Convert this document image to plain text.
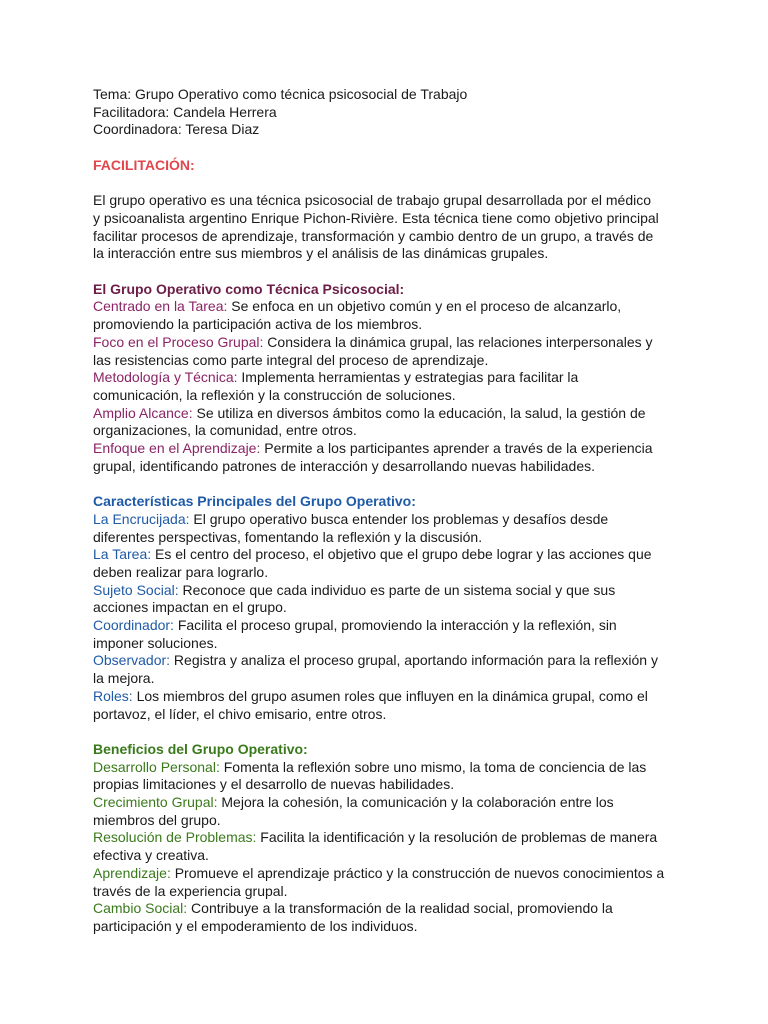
Tema: Grupo Operativo como técnica psicosocial de Trabajo
Facilitadora: Candela Herrera
Coordinadora: Teresa Diaz
FACILITACIÓN:
El grupo operativo es una técnica psicosocial de trabajo grupal desarrollada por el médico
y psicoanalista argentino Enrique Pichon-Rivière. Esta técnica tiene como objetivo principal
facilitar procesos de aprendizaje, transformación y cambio dentro de un grupo, a través de
la interacción entre sus miembros y el análisis de las dinámicas grupales.
El Grupo Operativo como Técnica Psicosocial:
Centrado en la Tarea: Se enfoca en un objetivo común y en el proceso de alcanzarlo,
promoviendo la participación activa de los miembros.
Foco en el Proceso Grupal: Considera la dinámica grupal, las relaciones interpersonales y
las resistencias como parte integral del proceso de aprendizaje.
Metodología y Técnica: Implementa herramientas y estrategias para facilitar la
comunicación, la reflexión y la construcción de soluciones.
Amplio Alcance: Se utiliza en diversos ámbitos como la educación, la salud, la gestión de
organizaciones, la comunidad, entre otros.
Enfoque en el Aprendizaje: Permite a los participantes aprender a través de la experiencia
grupal, identificando patrones de interacción y desarrollando nuevas habilidades.
Características Principales del Grupo Operativo:
La Encrucijada: El grupo operativo busca entender los problemas y desafíos desde
diferentes perspectivas, fomentando la reflexión y la discusión.
La Tarea: Es el centro del proceso, el objetivo que el grupo debe lograr y las acciones que
deben realizar para lograrlo.
Sujeto Social: Reconoce que cada individuo es parte de un sistema social y que sus
acciones impactan en el grupo.
Coordinador: Facilita el proceso grupal, promoviendo la interacción y la reflexión, sin
imponer soluciones.
Observador: Registra y analiza el proceso grupal, aportando información para la reflexión y
la mejora.
Roles: Los miembros del grupo asumen roles que influyen en la dinámica grupal, como el
portavoz, el líder, el chivo emisario, entre otros.
Beneficios del Grupo Operativo:
Desarrollo Personal: Fomenta la reflexión sobre uno mismo, la toma de conciencia de las
propias limitaciones y el desarrollo de nuevas habilidades.
Crecimiento Grupal: Mejora la cohesión, la comunicación y la colaboración entre los
miembros del grupo.
Resolución de Problemas: Facilita la identificación y la resolución de problemas de manera
efectiva y creativa.
Aprendizaje: Promueve el aprendizaje práctico y la construcción de nuevos conocimientos a
través de la experiencia grupal.
Cambio Social: Contribuye a la transformación de la realidad social, promoviendo la
participación y el empoderamiento de los individuos.
